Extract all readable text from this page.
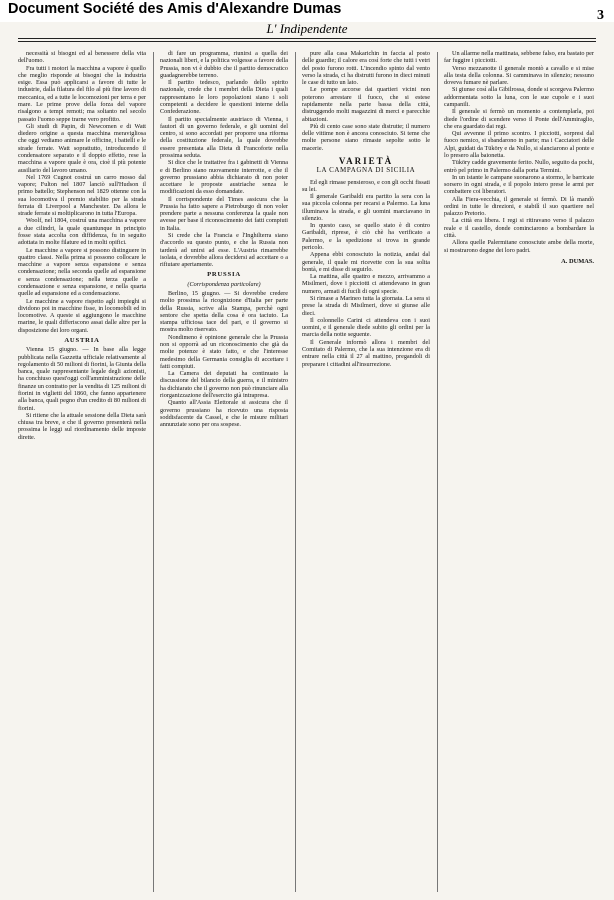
Document Société des Amis d'Alexandre Dumas
L' Indipendente
3

necessità si bisogni ed al benessere della vita dell'uomo.

Fra tutti i motori la macchina a vapore è quello che meglio risponde ai bisogni che la industria esige. Essa può applicarsi a favore di tutte le industrie, dalla filatura del filo al più fine lavoro di meccanica, ed a tutte le locomozioni per terra e per mare. Le prime prove della forza del vapore risalgono a tempi remoti; ma soltanto nel secolo passato l'uomo seppe trarne vero profitto.

Gli studi di Papin, di Newcomen e di Watt diedero origine a questa macchina meravigliosa che oggi vediamo animare le officine, i battelli e le strade ferrate. Watt soprattutto, introducendo il condensatore separato e il doppio effetto, rese la macchina a vapore quale è ora, cioè il più potente ausiliario del lavoro umano.

Nel 1769 Cugnot costruì un carro mosso dal vapore; Fulton nel 1807 lanciò sull'Hudson il primo battello; Stephenson nel 1829 ottenne con la sua locomotiva il premio stabilito per la strada ferrata di Liverpool a Manchester. Da allora le strade ferrate si moltiplicarono in tutta l'Europa.

Woolf, nel 1804, costruì una macchina a vapore a due cilindri, la quale quantunque in principio fosse stata accolta con diffidenza, fu in seguito adottata in molte filature ed in molti opifici.

Le macchine a vapore si possono distinguere in quattro classi. Nella prima si possono collocare le macchine a vapore senza espansione e senza condensazione; nella seconda quelle ad espansione e senza condensazione; nella terza quelle a condensazione e senza espansione, e nella quarta quelle ad espansione ed a condensazione.

Le macchine a vapore rispetto agli impieghi si dividono poi in macchine fisse, in locomobili ed in locomotive. A queste si aggiungono le macchine marine, le quali differiscono assai dalle altre per la disposizione dei loro organi.

AUSTRIA

Vienna 15 giugno. — In base alla legge pubblicata nella Gazzetta ufficiale relativamente al regolamento di 50 milioni di fiorini, la Giunta della banca, quale rappresentante legale degli azionisti, ha conchiuso quest'oggi coll'amministrazione delle finanze un contratto per la vendita di 125 milioni di fiorini in viglietti del 1860, che fanno appartenere alla banca, quali pegno d'un credito di 80 milioni di fiorini.

Si ritiene che la attuale sessione della Dieta sarà chiusa tra breve, e che il governo presenterà nella prossima le leggi sul riordinamento delle imposte dirette.

di fare un programma, riunirsi a quella dei nazionali liberi, e la politica volgesse a favore della Prussia, non vi è dubbio che il partito democratico guadagnerebbe terreno.

Il partito tedesco, parlando dello spirito nazionale, crede che i membri della Dieta i quali rappresentano le loro popolazioni siano i soli competenti a decidere le questioni interne della Confederazione.

Il partito specialmente austriaco di Vienna, i fautori di un governo federale, e gli uomini del centro, si sono accordati per proporre una riforma della costituzione federale, la quale dovrebbe essere presentata alla Dieta di Francoforte nella prossima seduta.

Si dice che le trattative fra i gabinetti di Vienna e di Berlino siano nuovamente interrotte, e che il governo prussiano abbia dichiarato di non poter accettare le proposte austriache senza le modificazioni da esso domandate.

Il corrispondente del Times assicura che la Prussia ha fatto sapere a Pietroburgo di non voler prendere parte a nessuna conferenza la quale non avesse per base il riconoscimento dei fatti compiuti in Italia.

Si crede che la Francia e l'Inghilterra siano d'accordo su questo punto, e che la Russia non tarderà ad unirsi ad esse. L'Austria rimarrebbe isolata, e dovrebbe allora decidersi ad accettare o a rifiutare apertamente.

PRUSSIA

(Corrispondenza particolare)

Berlino, 15 giugno. — Si dovrebbe credere molto prossima la ricognizione d'Italia per parte della Russia, scrive alla Stampa, perchè ogni sentore che spetta della cosa è ora taciuto. La stampa ufficiosa tace del pari, e il governo si mostra molto riservato.

Nondimeno è opinione generale che la Prussia non si opporrà ad un riconoscimento che già da molte potenze è stato fatto, e che l'interesse medesimo della Germania consiglia di accettare i fatti compiuti.

La Camera dei deputati ha continuato la discussione del bilancio della guerra, e il ministro ha dichiarato che il governo non può rinunciare alla riorganizzazione dell'esercito già intrapresa.

Quanto all'Assia Elettorale si assicura che il governo prussiano ha ricevuto una risposta soddisfacente da Cassel, e che le misure militari annunziate sono per ora sospese.

pure alla casa Makarichin in faccia al posto delle guardie; il calore era così forte che tutti i vetri del posto furono rotti. L'incendio spinto dal vento verso la strada, ci ha distrutti furono in dieci minuti le case di tutto un lato.

Le pompe accorse dai quartieri vicini non poterono arrestare il fuoco, che si estese rapidamente nella parte bassa della città, distruggendo molti magazzini di merci e parecchie abitazioni.

Più di cento case sono state distrutte; il numero delle vittime non è ancora conosciuto. Si teme che molte persone siano rimaste sepolte sotto le macerie.

VARIETÀ

LA CAMPAGNA DI SICILIA

Ed egli rimase pensieroso, e con gli occhi fissati su lei.

Il generale Garibaldi era partito la sera con la sua piccola colonna per recarsi a Palermo. La luna illuminava la strada, e gli uomini marciavano in silenzio.

In questo caso, se quello stato è di contro Garibaldi, riprese, è ciò chè ha verificato a Palermo, e la spedizione si trova in grande pericolo.

Appena ebbi conosciuto la notizia, andai dal generale, il quale mi ricevette con la sua solita bontà, e mi disse di seguirlo.

La mattina, alle quattro e mezzo, arrivammo a Misilmeri, dove i picciotti ci attendevano in gran numero, armati di fucili di ogni specie.

Si rimase a Marineo tutta la giornata. La sera si prese la strada di Misilmeri, dove si giunse alle dieci.

Il colonnello Carini ci attendeva con i suoi uomini, e il generale diede subito gli ordini per la marcia della notte seguente.

Il Generale informò allora i membri del Comitato di Palermo, che la sua intenzione era di entrare nella città il 27 al mattino, pregandoli di preparare i cittadini all'insurrezione.

Un allarme nella mattinata, sebbene falso, era bastato per far fuggire i picciotti.

Verso mezzanotte il generale montò a cavallo e si mise alla testa della colonna. Si camminava in silenzio; nessuno doveva fumare nè parlare.

Si giunse così alla Gibilrossa, donde si scorgeva Palermo addormentata sotto la luna, con le sue cupole e i suoi campanili.

Il generale si fermò un momento a contemplarla, poi diede l'ordine di scendere verso il Ponte dell'Ammiraglio, che era guardato dai regi.

Qui avvenne il primo scontro. I picciotti, sorpresi dal fuoco nemico, si sbandarono in parte; ma i Cacciatori delle Alpi, guidati da Tüköry e da Nullo, si slanciarono al ponte e lo presero alla baionetta.

Tüköry cadde gravemente ferito. Nullo, seguito da pochi, entrò pel primo in Palermo dalla porta Termini.

In un istante le campane suonarono a stormo, le barricate sorsero in ogni strada, e il popolo intero prese le armi per combattere coi liberatori.

Alla Fiera-vecchia, il generale si fermò. Di là mandò ordini in tutte le direzioni, e stabilì il suo quartiere nel palazzo Pretorio.

La città era libera. I regi si ritiravano verso il palazzo reale e il castello, donde cominciarono a bombardare la città.

Allora quelle Palermitane conosciute ambe della morte, si mostrarono degne dei loro padri.

A. DUMAS.
